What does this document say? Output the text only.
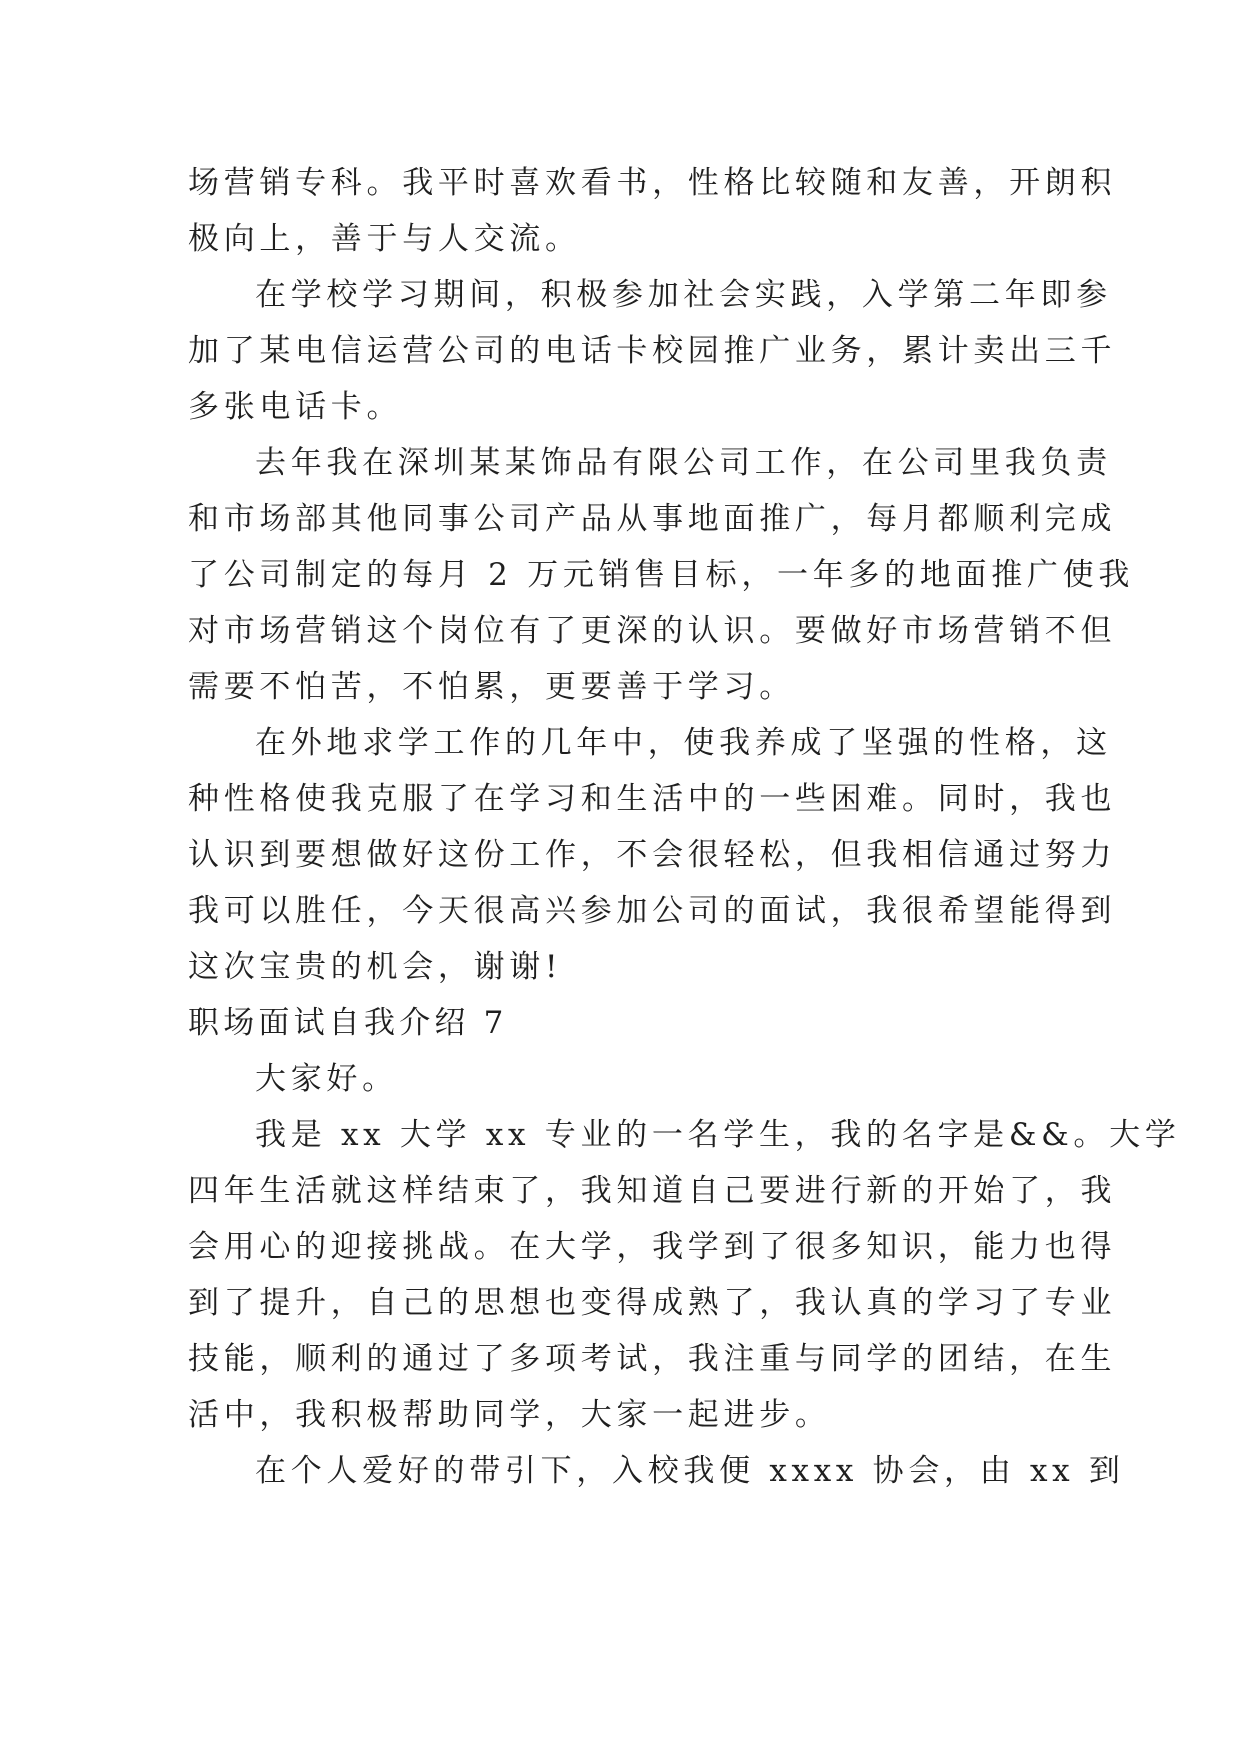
场营销专科。我平时喜欢看书，性格比较随和友善，开朗积
极向上，善于与人交流。
在学校学习期间，积极参加社会实践，入学第二年即参
加了某电信运营公司的电话卡校园推广业务，累计卖出三千
多张电话卡。
去年我在深圳某某饰品有限公司工作，在公司里我负责
和市场部其他同事公司产品从事地面推广，每月都顺利完成
了公司制定的每月 2 万元销售目标，一年多的地面推广使我
对市场营销这个岗位有了更深的认识。要做好市场营销不但
需要不怕苦，不怕累，更要善于学习。
在外地求学工作的几年中，使我养成了坚强的性格，这
种性格使我克服了在学习和生活中的一些困难。同时，我也
认识到要想做好这份工作，不会很轻松，但我相信通过努力
我可以胜任，今天很高兴参加公司的面试，我很希望能得到
这次宝贵的机会，谢谢!
职场面试自我介绍 7
大家好。
我是 xx 大学 xx 专业的一名学生，我的名字是&&。大学
四年生活就这样结束了，我知道自己要进行新的开始了，我
会用心的迎接挑战。在大学，我学到了很多知识，能力也得
到了提升，自己的思想也变得成熟了，我认真的学习了专业
技能，顺利的通过了多项考试，我注重与同学的团结，在生
活中，我积极帮助同学，大家一起进步。
在个人爱好的带引下，入校我便 xxxx 协会，由 xx 到
